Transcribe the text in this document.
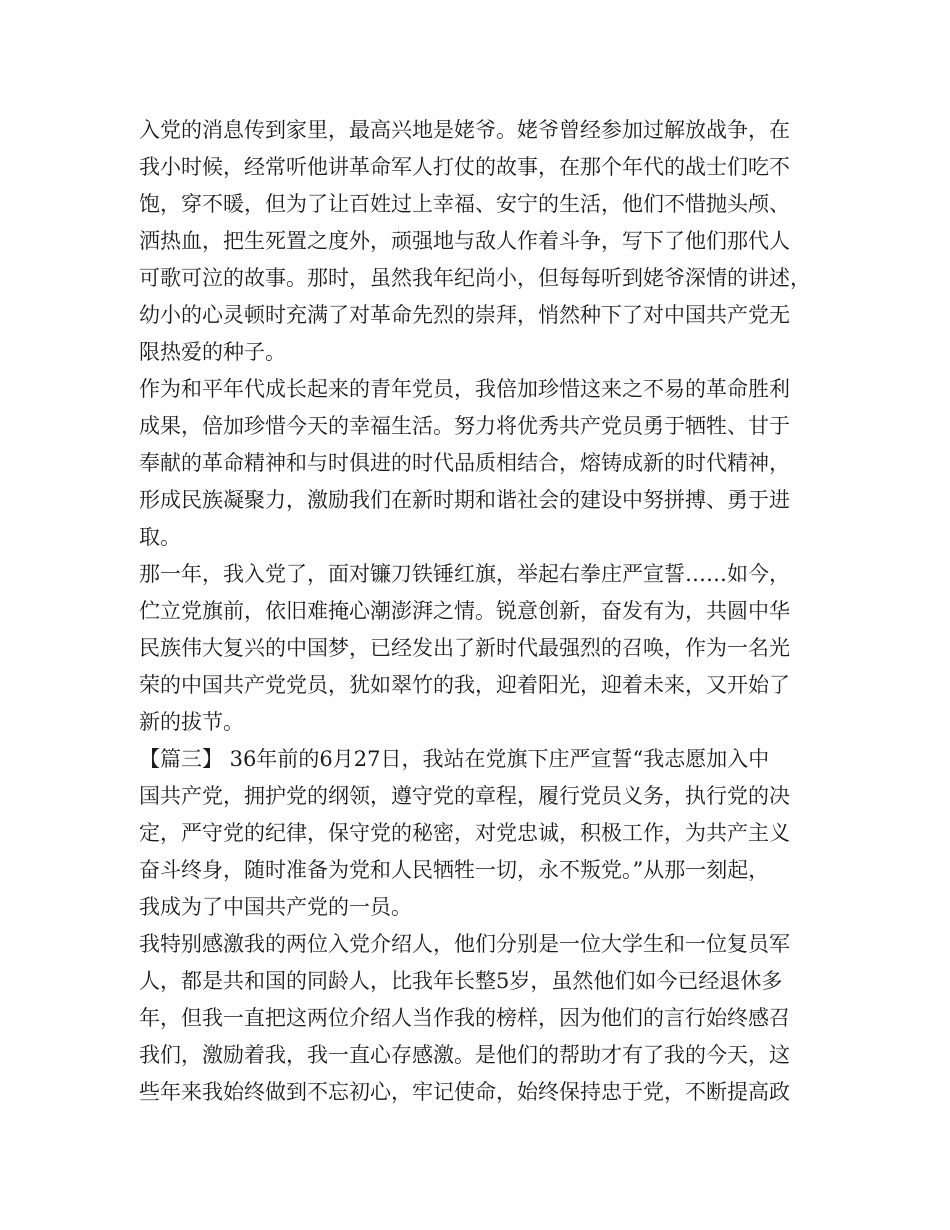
入党的消息传到家里，最高兴地是姥爷。姥爷曾经参加过解放战争，在
我小时候，经常听他讲革命军人打仗的故事，在那个年代的战士们吃不
饱，穿不暖，但为了让百姓过上幸福、安宁的生活，他们不惜抛头颅、
洒热血，把生死置之度外，顽强地与敌人作着斗争，写下了他们那代人
可歌可泣的故事。那时，虽然我年纪尚小，但每每听到姥爷深情的讲述，
幼小的心灵顿时充满了对革命先烈的崇拜，悄然种下了对中国共产党无
限热爱的种子。
作为和平年代成长起来的青年党员，我倍加珍惜这来之不易的革命胜利
成果，倍加珍惜今天的幸福生活。努力将优秀共产党员勇于牺牲、甘于
奉献的革命精神和与时俱进的时代品质相结合，熔铸成新的时代精神，
形成民族凝聚力，激励我们在新时期和谐社会的建设中努拼搏、勇于进
取。
那一年，我入党了，面对镰刀铁锤红旗，举起右拳庄严宣誓……如今，
伫立党旗前，依旧难掩心潮澎湃之情。锐意创新，奋发有为，共圆中华
民族伟大复兴的中国梦，已经发出了新时代最强烈的召唤，作为一名光
荣的中国共产党党员，犹如翠竹的我，迎着阳光，迎着未来，又开始了
新的拔节。
【篇三】 36年前的6月27日，我站在党旗下庄严宣誓“我志愿加入中
国共产党，拥护党的纲领，遵守党的章程，履行党员义务，执行党的决
定，严守党的纪律，保守党的秘密，对党忠诚，积极工作，为共产主义
奋斗终身，随时准备为党和人民牺牲一切，永不叛党。”从那一刻起，
我成为了中国共产党的一员。
我特别感激我的两位入党介绍人，他们分别是一位大学生和一位复员军
人，都是共和国的同龄人，比我年长整5岁，虽然他们如今已经退休多
年，但我一直把这两位介绍人当作我的榜样，因为他们的言行始终感召
我们，激励着我，我一直心存感激。是他们的帮助才有了我的今天，这
些年来我始终做到不忘初心，牢记使命，始终保持忠于党，不断提高政
